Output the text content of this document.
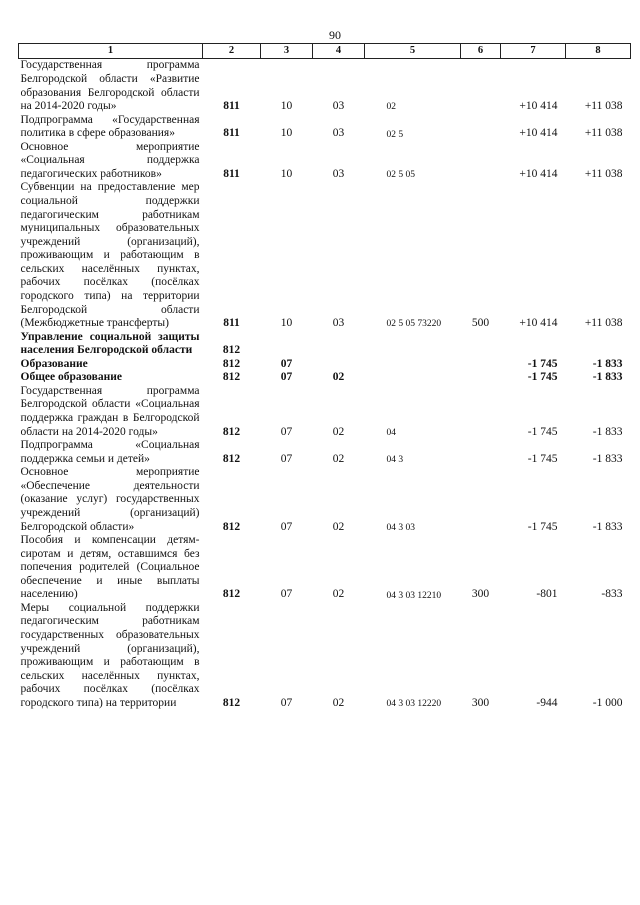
90
1	2	3	4	5	6	7	8
Государственная программа Белгородской области «Развитие образования Белгородской области на 2014-2020 годы»	811	10	03	02		+10 414	+11 038
Подпрограмма «Государственная политика в сфере образования»	811	10	03	02 5		+10 414	+11 038
Основное мероприятие «Социальная поддержка педагогических работников»	811	10	03	02 5 05		+10 414	+11 038
Субвенции на предоставление мер социальной поддержки педагогическим работникам муниципальных образовательных учреждений (организаций), проживающим и работающим в сельских населённых пунктах, рабочих посёлках (посёлках городского типа) на территории Белгородской области (Межбюджетные трансферты)	811	10	03	02 5 05 73220	500	+10 414	+11 038
Управление социальной защиты населения Белгородской области	812						
Образование	812	07				-1 745	-1 833
Общее образование	812	07	02			-1 745	-1 833
Государственная программа Белгородской области «Социальная поддержка граждан в Белгородской области на 2014-2020 годы»	812	07	02	04		-1 745	-1 833
Подпрограмма «Социальная поддержка семьи и детей»	812	07	02	04 3		-1 745	-1 833
Основное мероприятие «Обеспечение деятельности (оказание услуг) государственных учреждений (организаций) Белгородской области»	812	07	02	04 3 03		-1 745	-1 833
Пособия и компенсации детям-сиротам и детям, оставшимся без попечения родителей (Социальное обеспечение и иные выплаты населению)	812	07	02	04 3 03 12210	300	-801	-833
Меры социальной поддержки педагогическим работникам государственных образовательных учреждений (организаций), проживающим и работающим в сельских населённых пунктах, рабочих посёлках (посёлках городского типа) на территории	812	07	02	04 3 03 12220	300	-944	-1 000
